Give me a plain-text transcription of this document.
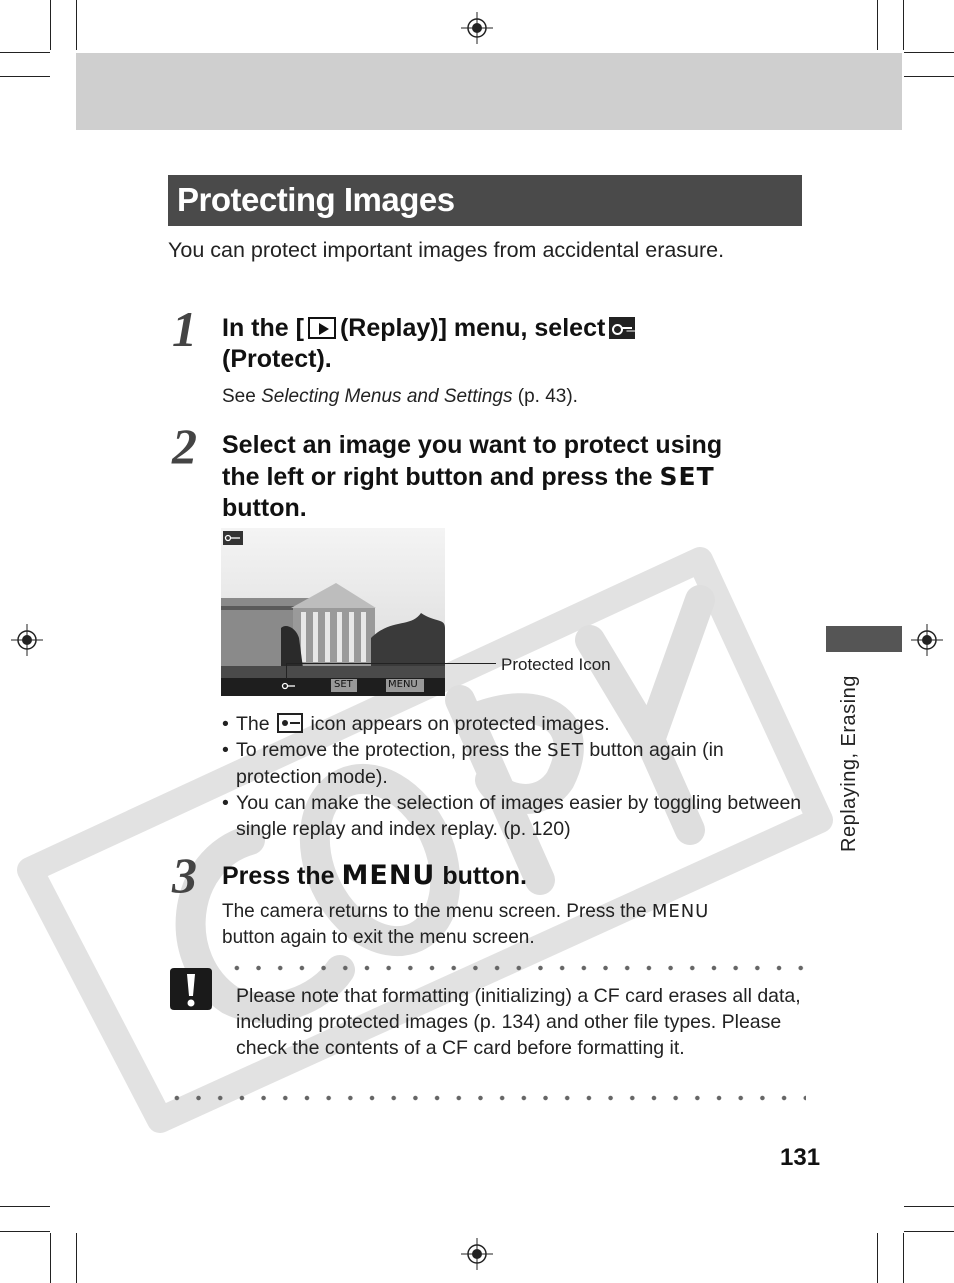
Replaying, Erasing
Protecting Images
You can protect important images from accidental erasure.
1 In the [ (Replay)] menu, select
(Protect).
See Selecting Menus and Settings (p. 43).
2 Select an image you want to protect using
the left or right button and press the SET
button.
SET	MENU
Protected Icon
• The icon appears on protected images.
• To remove the protection, press the SET button again (in protection mode).
• You can make the selection of images easier by toggling between single replay and index replay. (p. 120)
3 Press the MENU button.
The camera returns to the menu screen. Press the MENU
button again to exit the menu screen.
Please note that formatting (initializing) a CF card erases all data, including protected images (p. 134) and other file types. Please check the contents of a CF card before formatting it.
131
